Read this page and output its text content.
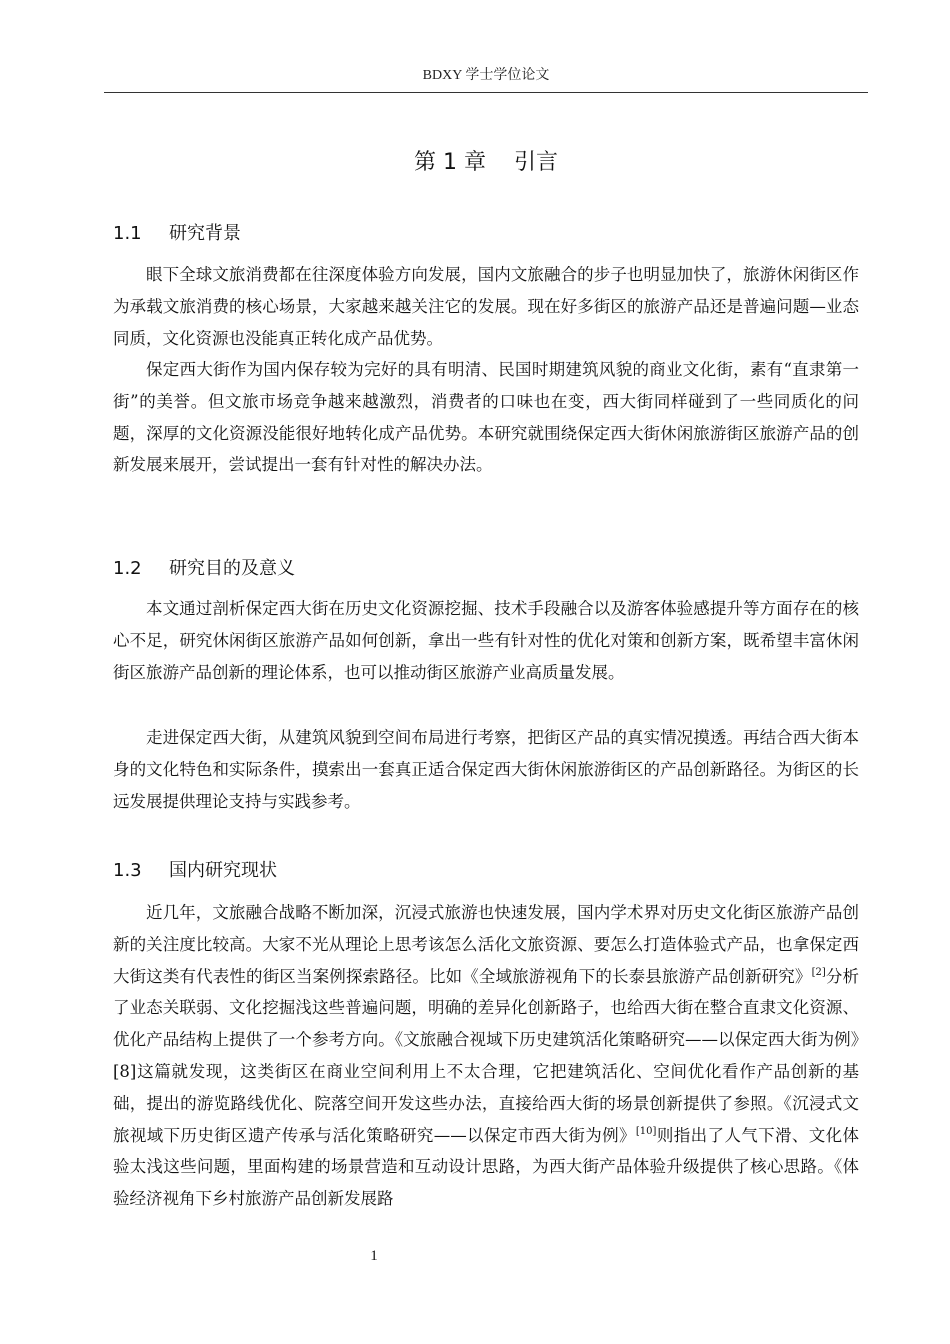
BDXY 学士学位论文
第 1 章    引言
1.1 研究背景

眼下全球文旅消费都在往深度体验方向发展，国内文旅融合的步子也明显加快了，旅游休闲街区作为承载文旅消费的核心场景，大家越来越关注它的发展。现在好多街区的旅游产品还是普遍问题—业态同质，文化资源也没能真正转化成产品优势。

保定西大街作为国内保存较为完好的具有明清、民国时期建筑风貌的商业文化街，素有“直隶第一街”的美誉。但文旅市场竞争越来越激烈，消费者的口味也在变，西大街同样碰到了一些同质化的问题，深厚的文化资源没能很好地转化成产品优势。本研究就围绕保定西大街休闲旅游街区旅游产品的创新发展来展开，尝试提出一套有针对性的解决办法。

1.2 研究目的及意义

本文通过剖析保定西大街在历史文化资源挖掘、技术手段融合以及游客体验感提升等方面存在的核心不足，研究休闲街区旅游产品如何创新，拿出一些有针对性的优化对策和创新方案，既希望丰富休闲街区旅游产品创新的理论体系，也可以推动街区旅游产业高质量发展。

走进保定西大街，从建筑风貌到空间布局进行考察，把街区产品的真实情况摸透。再结合西大街本身的文化特色和实际条件，摸索出一套真正适合保定西大街休闲旅游街区的产品创新路径。为街区的长远发展提供理论支持与实践参考。

1.3 国内研究现状

近几年，文旅融合战略不断加深，沉浸式旅游也快速发展，国内学术界对历史文化街区旅游产品创新的关注度比较高。大家不光从理论上思考该怎么活化文旅资源、要怎么打造体验式产品，也拿保定西大街这类有代表性的街区当案例探索路径。比如《全域旅游视角下的长泰县旅游产品创新研究》[2]分析了业态关联弱、文化挖掘浅这些普遍问题，明确的差异化创新路子，也给西大街在整合直隶文化资源、优化产品结构上提供了一个参考方向。《文旅融合视域下历史建筑活化策略研究——以保定西大街为例》[8]这篇就发现，这类街区在商业空间利用上不太合理，它把建筑活化、空间优化看作产品创新的基础，提出的游览路线优化、院落空间开发这些办法，直接给西大街的场景创新提供了参照。《沉浸式文旅视域下历史街区遗产传承与活化策略研究——以保定市西大街为例》[10]则指出了人气下滑、文化体验太浅这些问题，里面构建的场景营造和互动设计思路，为西大街产品体验升级提供了核心思路。《体验经济视角下乡村旅游产品创新发展路

1
